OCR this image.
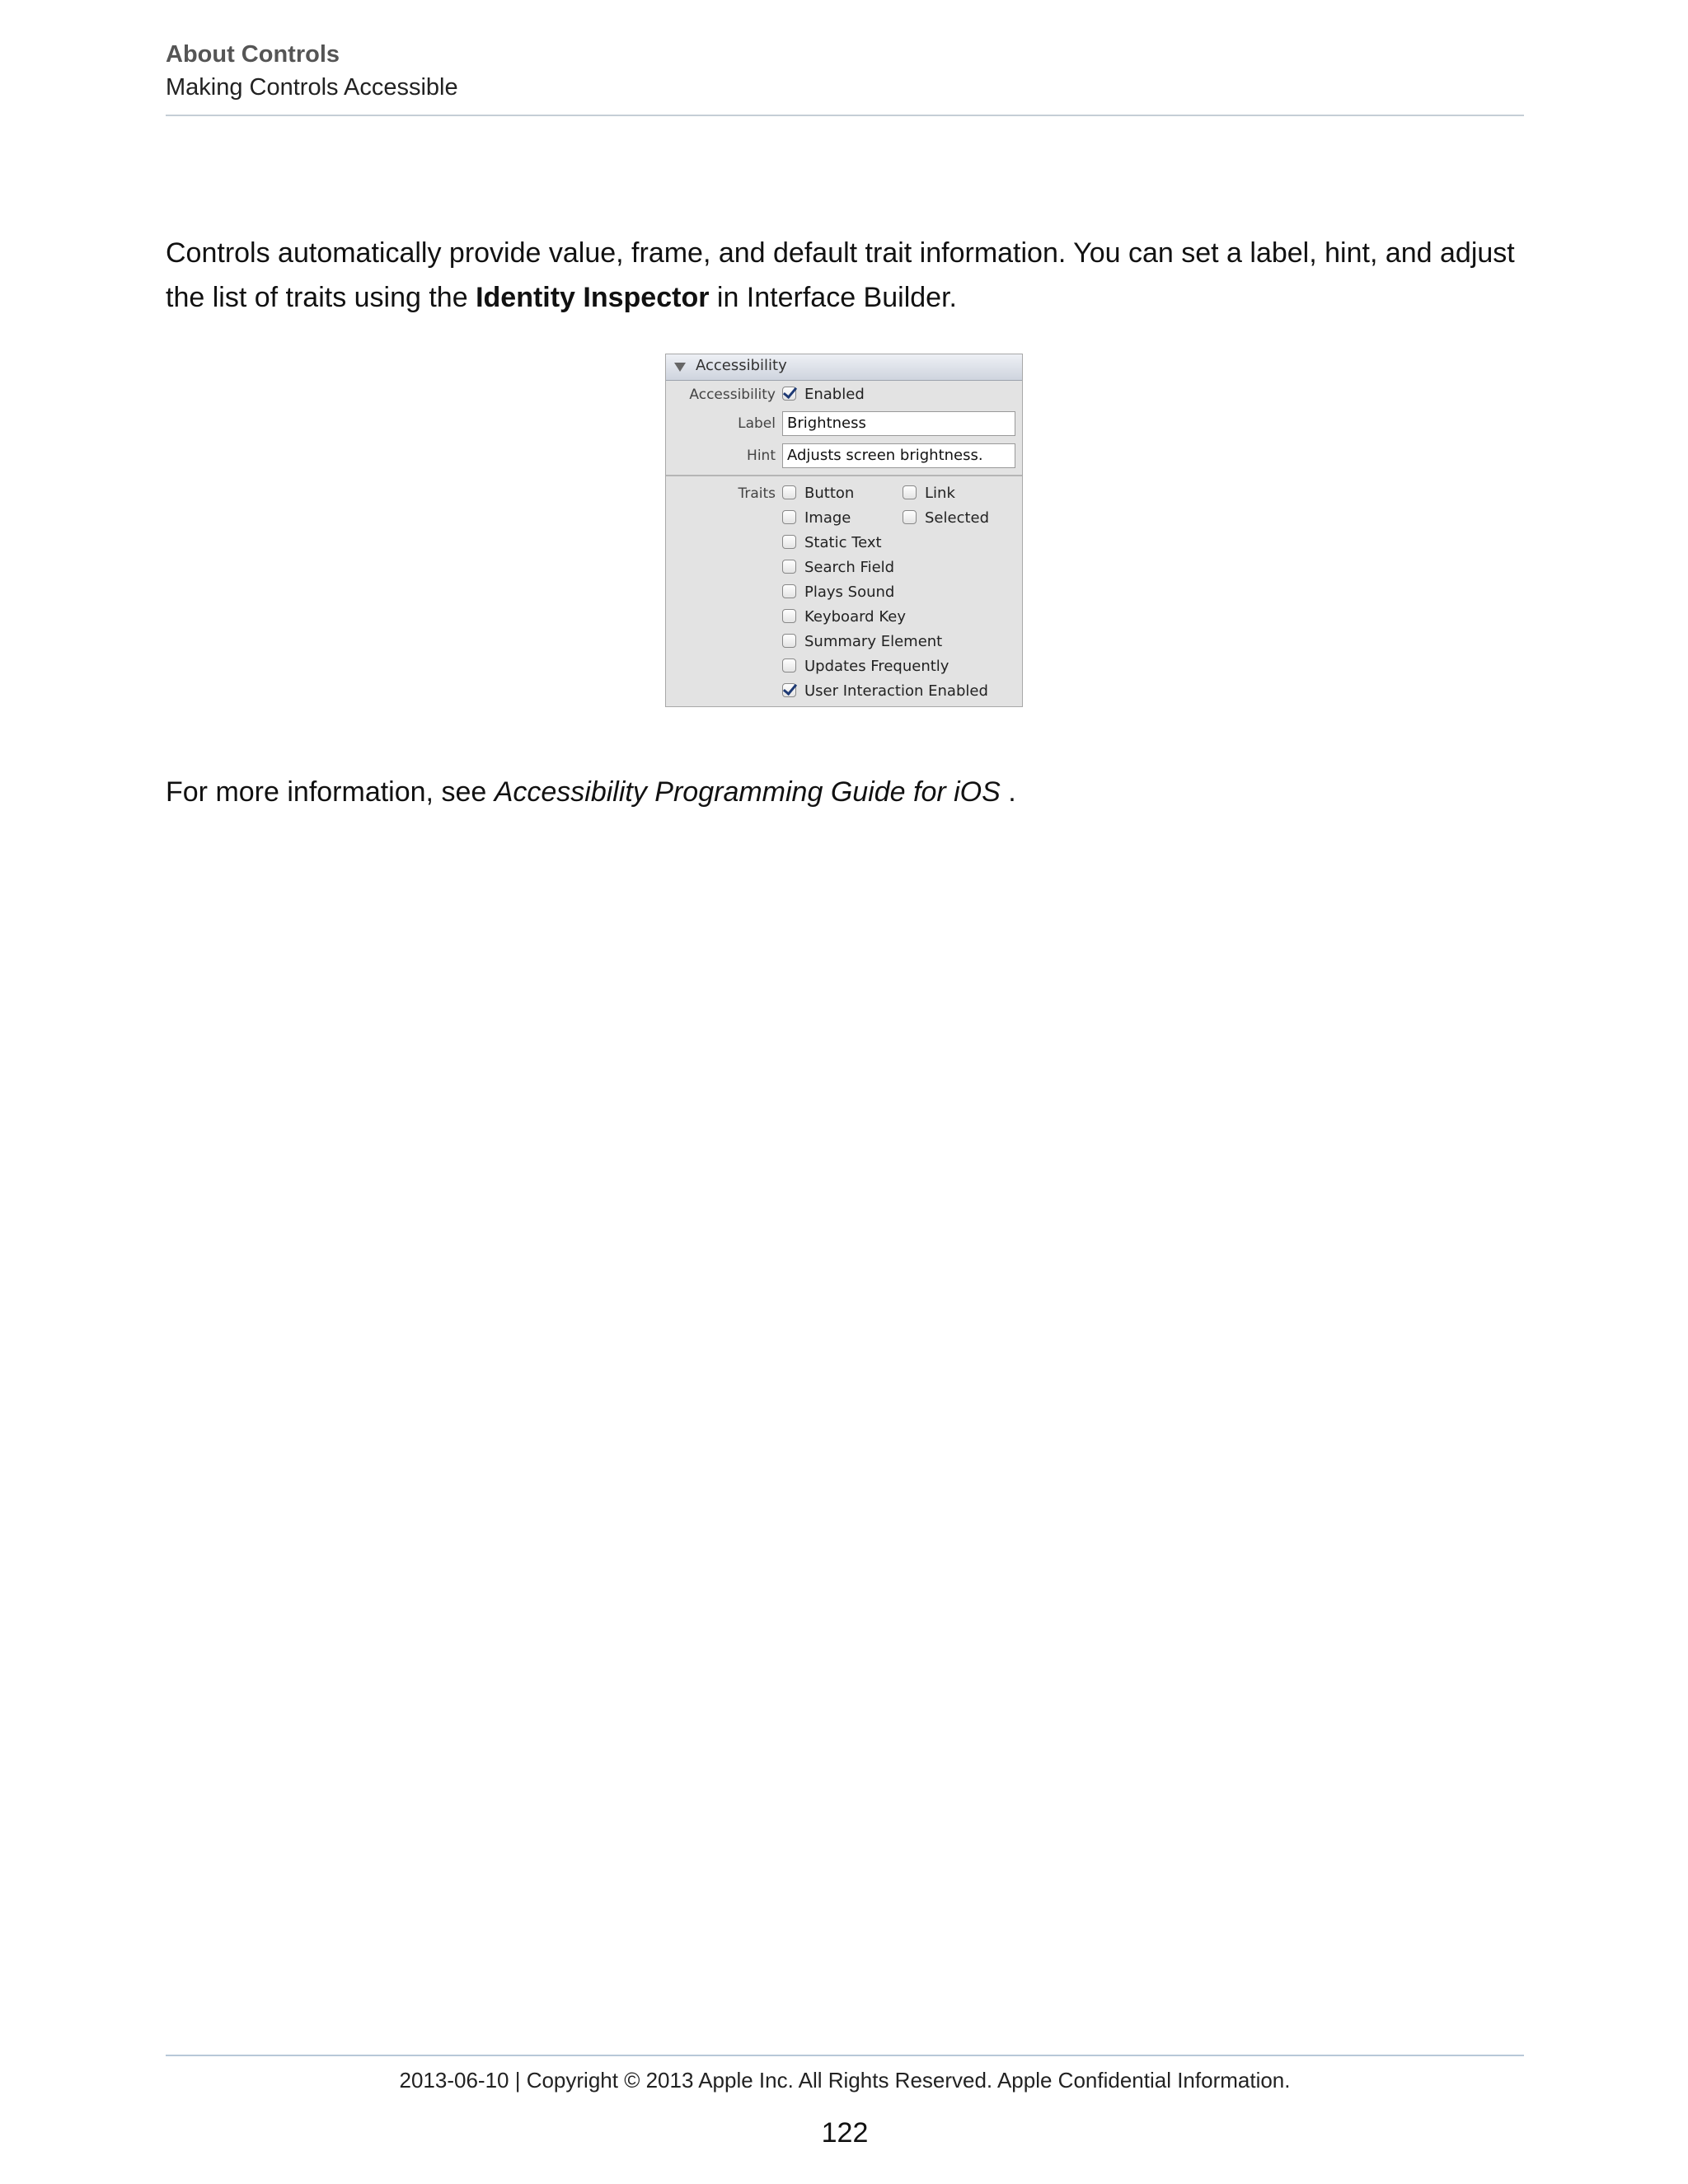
About Controls
Making Controls Accessible
Controls automatically provide value, frame, and default trait information. You can set a label, hint, and adjust the list of traits using the Identity Inspector in Interface Builder.
Accessibility
Accessibility	Enabled
Label Brightness
Hint Adjusts screen brightness.
Traits	Button
Image
Static Text
Search Field
Plays Sound
Keyboard Key
Summary Element
Updates Frequently
User Interaction Enabled
Link
Selected
For more information, see Accessibility Programming Guide for iOS .
2013-06-10 | Copyright © 2013 Apple Inc. All Rights Reserved. Apple Confidential Information.
122
